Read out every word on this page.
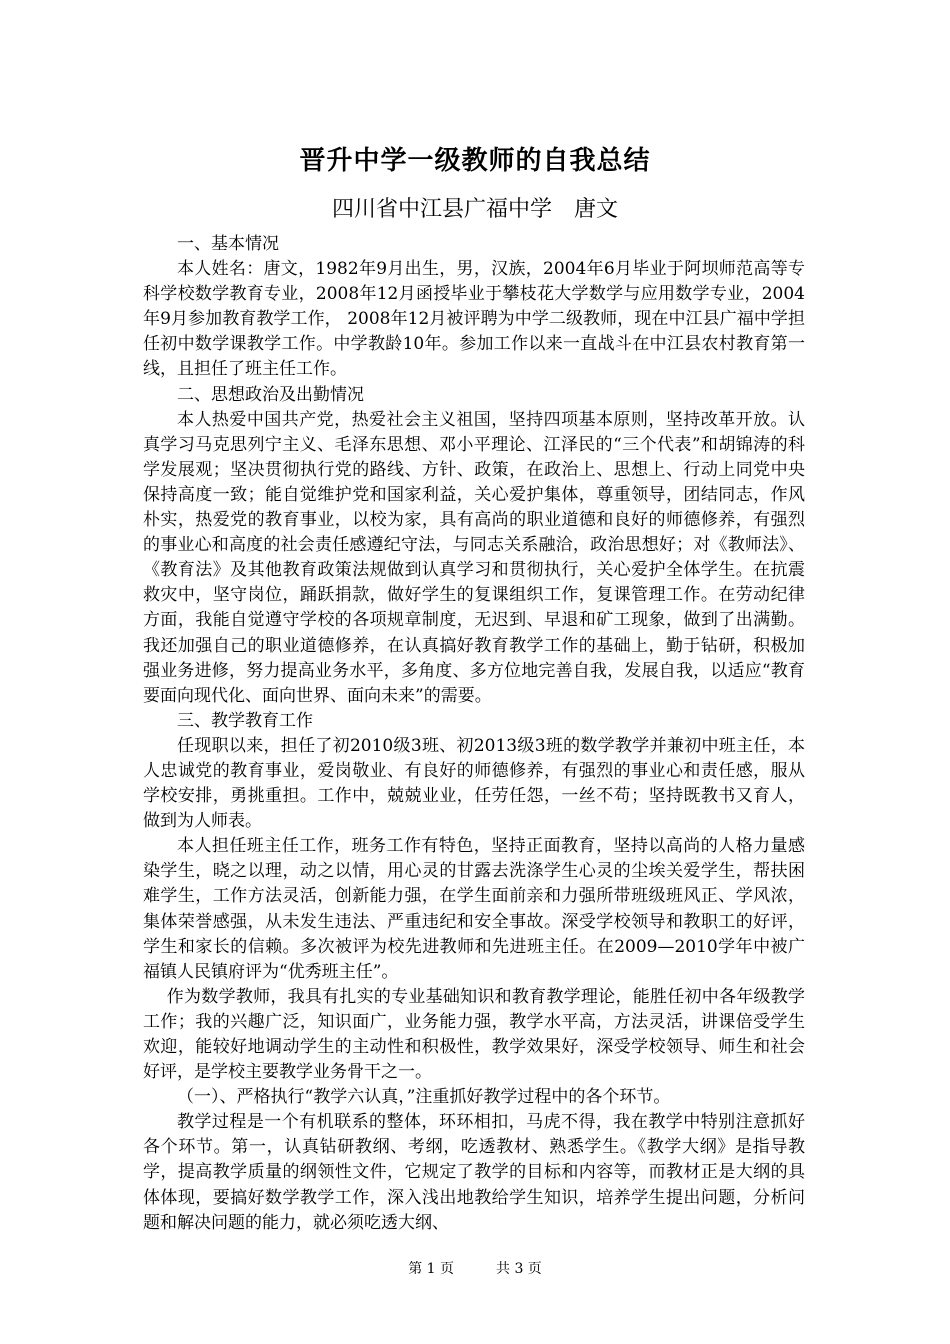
晋升中学一级教师的自我总结
四川省中江县广福中学　唐文

一、基本情况

本人姓名：唐文，1982年9月出生，男，汉族，2004年6月毕业于阿坝师范高等专科学校数学教育专业，2008年12月函授毕业于攀枝花大学数学与应用数学专业，2004年9月参加教育教学工作， 2008年12月被评聘为中学二级教师，现在中江县广福中学担任初中数学课教学工作。中学教龄10年。参加工作以来一直战斗在中江县农村教育第一线，且担任了班主任工作。

二、思想政治及出勤情况

本人热爱中国共产党，热爱社会主义祖国，坚持四项基本原则，坚持改革开放。认真学习马克思列宁主义、毛泽东思想、邓小平理论、江泽民的“三个代表”和胡锦涛的科学发展观；坚决贯彻执行党的路线、方针、政策，在政治上、思想上、行动上同党中央保持高度一致；能自觉维护党和国家利益，关心爱护集体，尊重领导，团结同志，作风朴实，热爱党的教育事业，以校为家，具有高尚的职业道德和良好的师德修养，有强烈的事业心和高度的社会责任感遵纪守法，与同志关系融洽，政治思想好；对《教师法》、《教育法》及其他教育政策法规做到认真学习和贯彻执行，关心爱护全体学生。在抗震救灾中，坚守岗位，踊跃捐款，做好学生的复课组织工作，复课管理工作。在劳动纪律方面，我能自觉遵守学校的各项规章制度，无迟到、早退和矿工现象，做到了出满勤。我还加强自己的职业道德修养，在认真搞好教育教学工作的基础上，勤于钻研，积极加强业务进修，努力提高业务水平，多角度、多方位地完善自我，发展自我，以适应“教育要面向现代化、面向世界、面向未来”的需要。

三、教学教育工作

任现职以来，担任了初2010级3班、初2013级3班的数学教学并兼初中班主任，本人忠诚党的教育事业，爱岗敬业、有良好的师德修养，有强烈的事业心和责任感，服从学校安排，勇挑重担。工作中，兢兢业业，任劳任怨，一丝不苟；坚持既教书又育人，做到为人师表。

本人担任班主任工作，班务工作有特色，坚持正面教育，坚持以高尚的人格力量感染学生，晓之以理，动之以情，用心灵的甘露去洗涤学生心灵的尘埃关爱学生，帮扶困难学生，工作方法灵活，创新能力强，在学生面前亲和力强所带班级班风正、学风浓，集体荣誉感强，从未发生违法、严重违纪和安全事故。深受学校领导和教职工的好评，学生和家长的信赖。多次被评为校先进教师和先进班主任。在2009—2010学年中被广福镇人民镇府评为“优秀班主任”。

作为数学教师，我具有扎实的专业基础知识和教育教学理论，能胜任初中各年级教学工作；我的兴趣广泛，知识面广，业务能力强，教学水平高，方法灵活，讲课倍受学生欢迎，能较好地调动学生的主动性和积极性，教学效果好，深受学校领导、师生和社会好评，是学校主要教学业务骨干之一。

（一）、严格执行“教学六认真，”注重抓好教学过程中的各个环节。

教学过程是一个有机联系的整体，环环相扣，马虎不得，我在教学中特别注意抓好各个环节。第一，认真钻研教纲、考纲，吃透教材、熟悉学生。《教学大纲》是指导教学，提高教学质量的纲领性文件，它规定了教学的目标和内容等，而教材正是大纲的具体体现，要搞好数学教学工作，深入浅出地教给学生知识，培养学生提出问题，分析问题和解决问题的能力，就必须吃透大纲、

第 1 页　　　共 3 页
